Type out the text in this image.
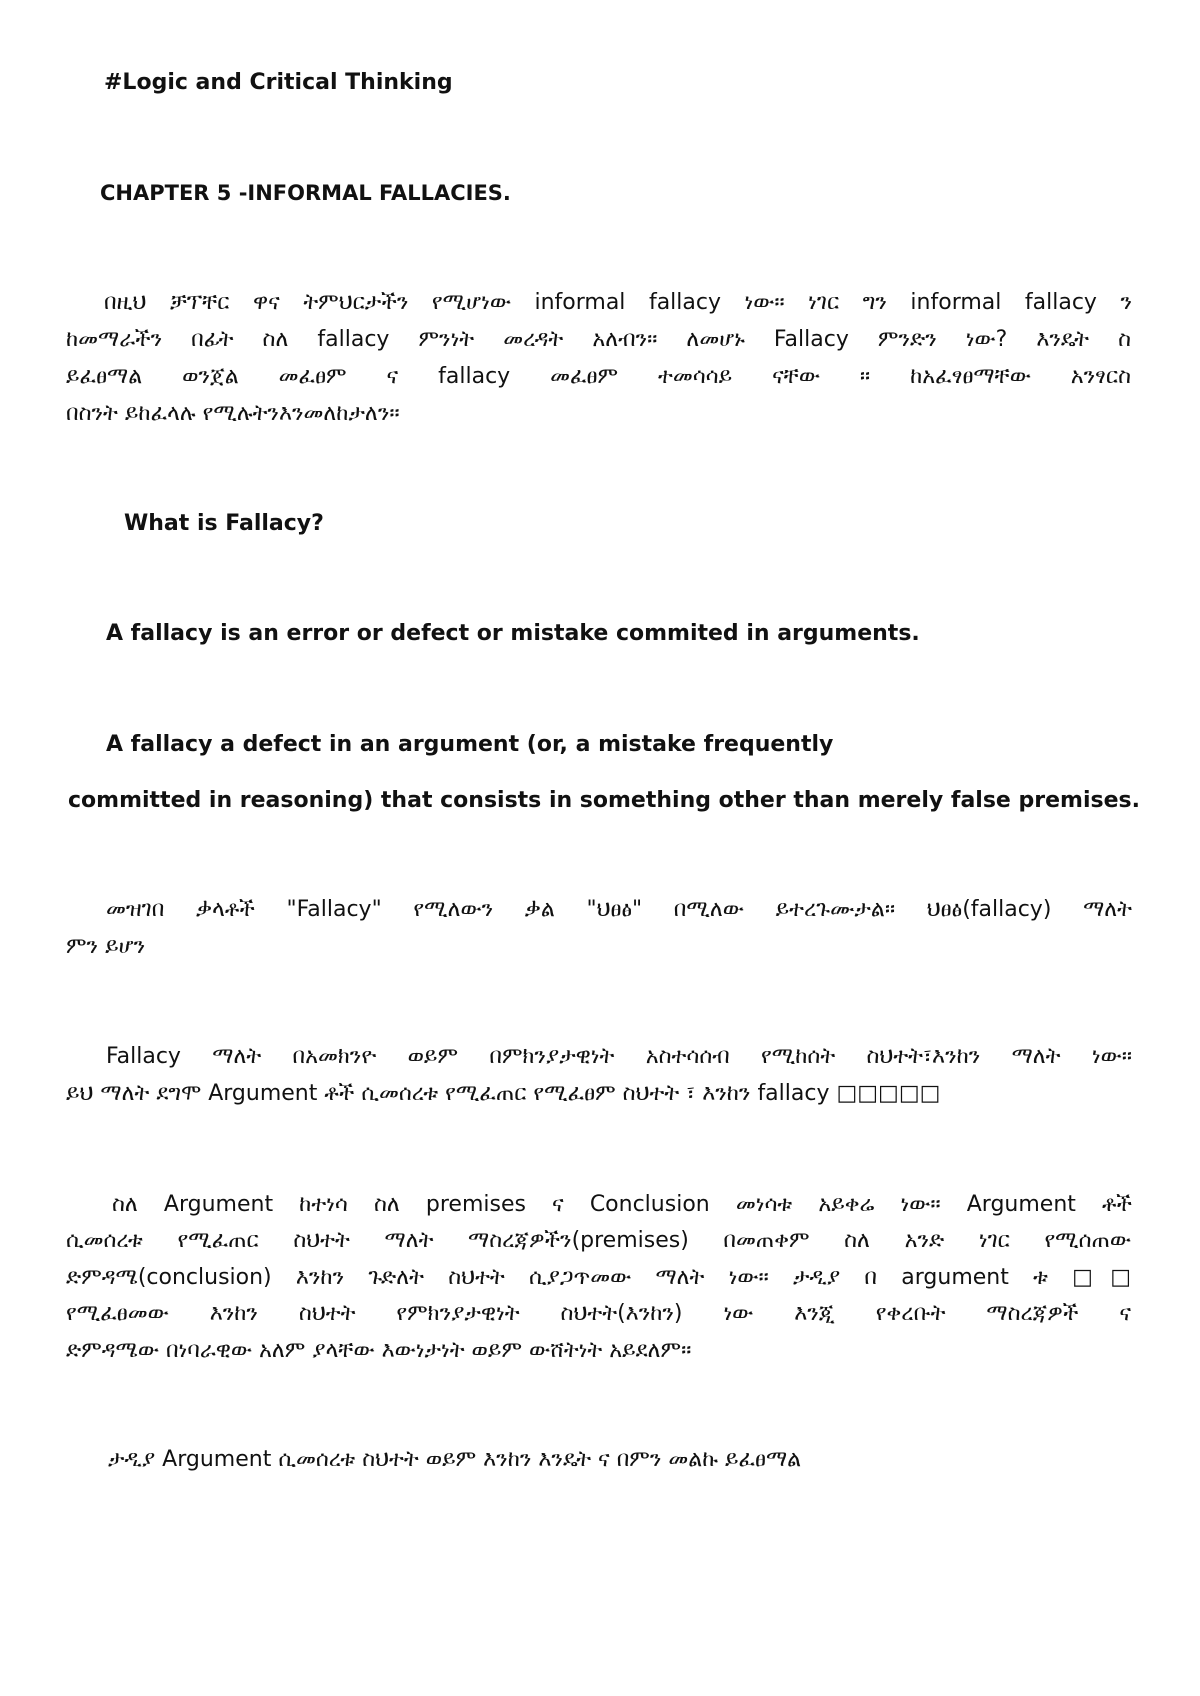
#Logic and Critical Thinking
CHAPTER 5 -INFORMAL FALLACIES.
በዚህ ቻፕቸር ዋና ትምህርታችን የሚሆነው informal fallacy ነው። ነገር ግን informal fallacy ን
ከመማራችን በፊት ስለ fallacy ምንነት መረዳት አለብን። ለመሆኑ Fallacy ምንድን ነው? እንዴት ስ
ይፈፀማል ወንጀል መፈፀም ና fallacy መፈፀም ተመሳሳይ ናቸው ። ከአፈፃፀማቸው አንፃርስ
በስንት ይከፈላሉ የሚሉትንእንመለከታለን።
What is Fallacy?
A fallacy is an error or defect or mistake commited in arguments.
A fallacy a defect in an argument (or, a mistake frequently
committed in reasoning) that consists in something other than merely false premises.
መዝገበ ቃላቶች "Fallacy" የሚለውን ቃል "ህፀፅ" በሚለው ይተረጉሙታል። ህፀፅ(fallacy) ማለት
ምን ይሆን
Fallacy ማለት በአመክንዮ ወይም በምክንያታዊነት አስተሳሰብ የሚከሰት ስህተት፣እንከን ማለት ነው።
ይህ ማለት ደግሞ Argument ቶች ሲመሰረቱ የሚፈጠር የሚፈፀም ስህተት ፣ እንከን fallacy □□□□□
ስለ Argument ከተነሳ ስለ premises ና Conclusion መነሳቱ አይቀሬ ነው። Argument ቶች
ሲመሰረቱ የሚፈጠር ስህተት ማለት ማስረጃዎችን(premises) በመጠቀም ስለ አንድ ነገር የሚሰጠው
ድምዳሜ(conclusion) እንከን ጉድለት ስህተት ሲያጋጥመው ማለት ነው። ታዲያ በ argument ቱ □□
የሚፈፀመው እንከን ስህተት የምክንያታዊነት ስህተት(እንከን) ነው እንጂ የቀረቡት ማስረጃዎች ና
ድምዳሜው በነባራዊው አለም ያላቸው እውነታነት ወይም ውሸትነት አይደለም።
ታዲያ Argument ሲመሰረቱ ስህተት ወይም እንከን እንዴት ና በምን መልኩ ይፈፀማል
